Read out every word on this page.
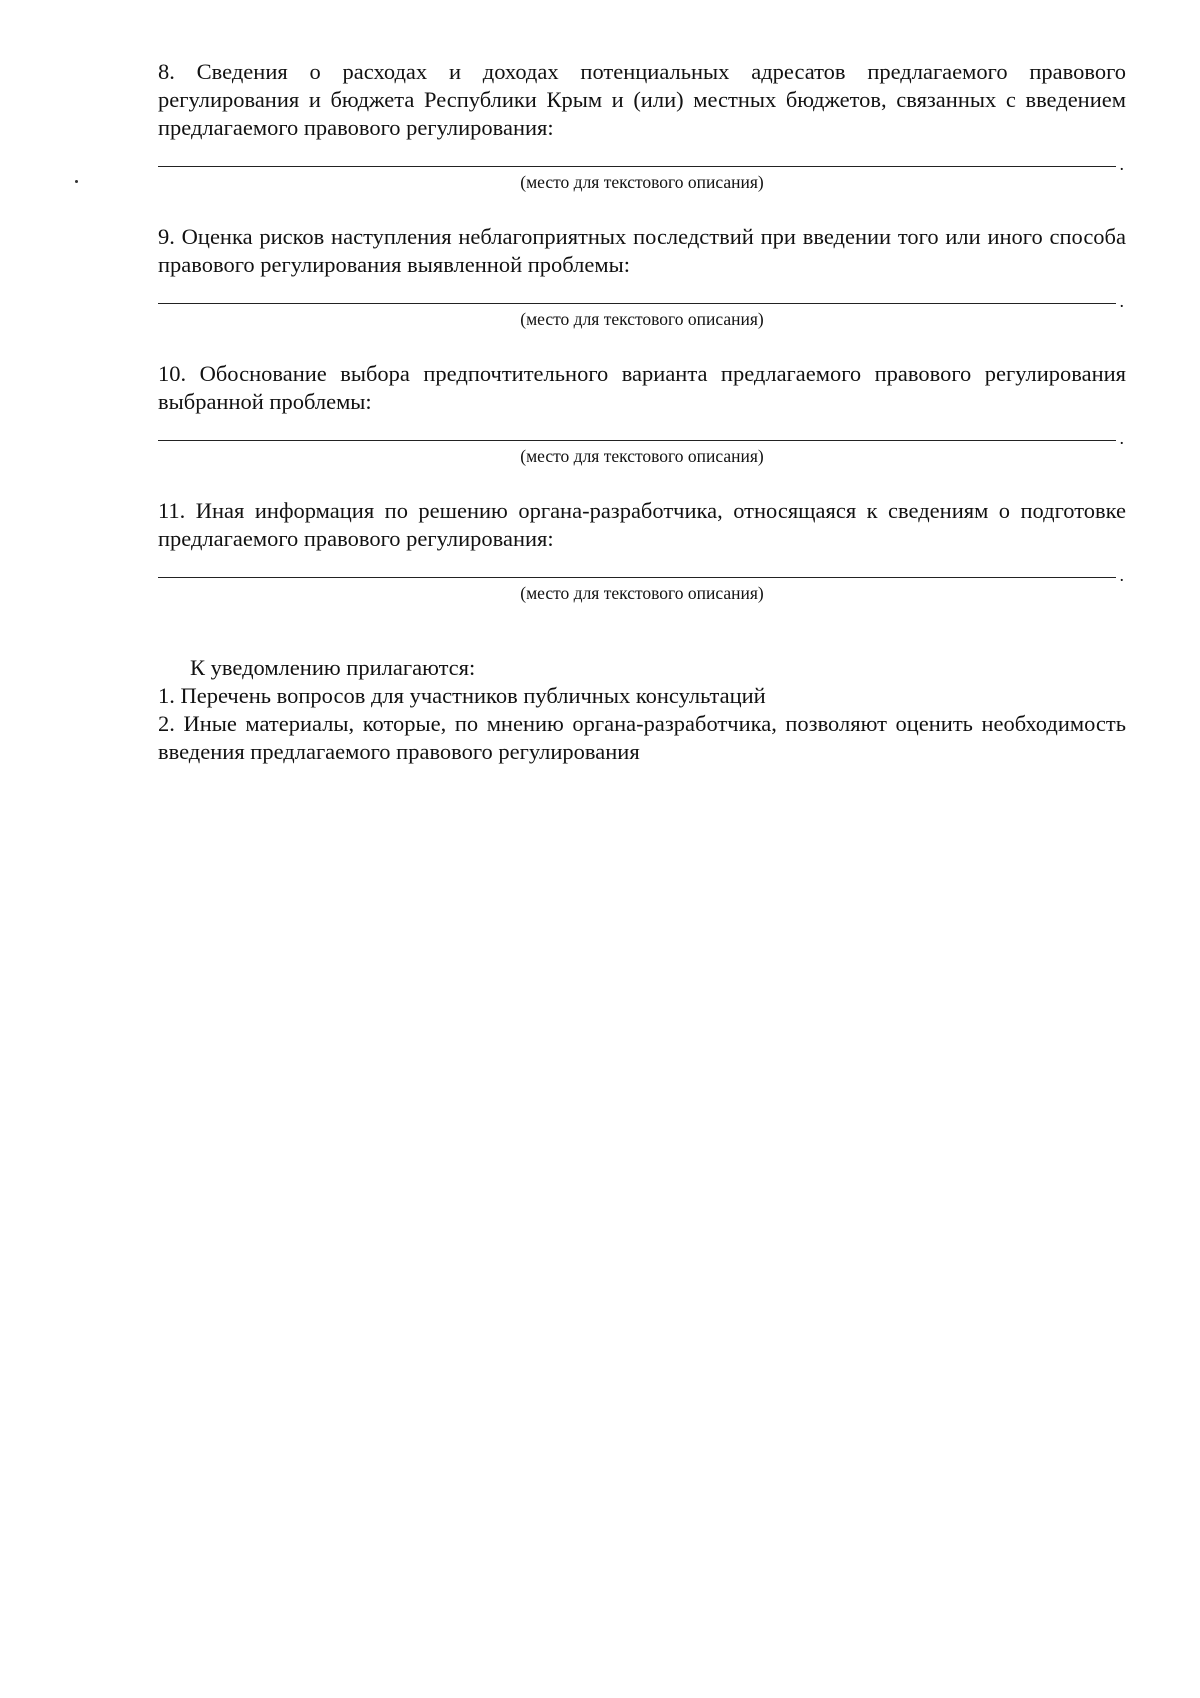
8. Сведения о расходах и доходах потенциальных адресатов предлагаемого правового регулирования и бюджета Республики Крым и (или) местных бюджетов, связанных с введением предлагаемого правового регулирования:

.

(место для текстового описания)

9. Оценка рисков наступления неблагоприятных последствий при введении того или иного способа правового регулирования выявленной проблемы:

.

(место для текстового описания)

10. Обоснование выбора предпочтительного варианта предлагаемого правового регулирования выбранной проблемы:

.

(место для текстового описания)

11. Иная информация по решению органа-разработчика, относящаяся к сведениям о подготовке предлагаемого правового регулирования:

.

(место для текстового описания)

К уведомлению прилагаются:

1. Перечень вопросов для участников публичных консультаций

2. Иные материалы, которые, по мнению органа-разработчика, позволяют оценить необходимость введения предлагаемого правового регулирования
